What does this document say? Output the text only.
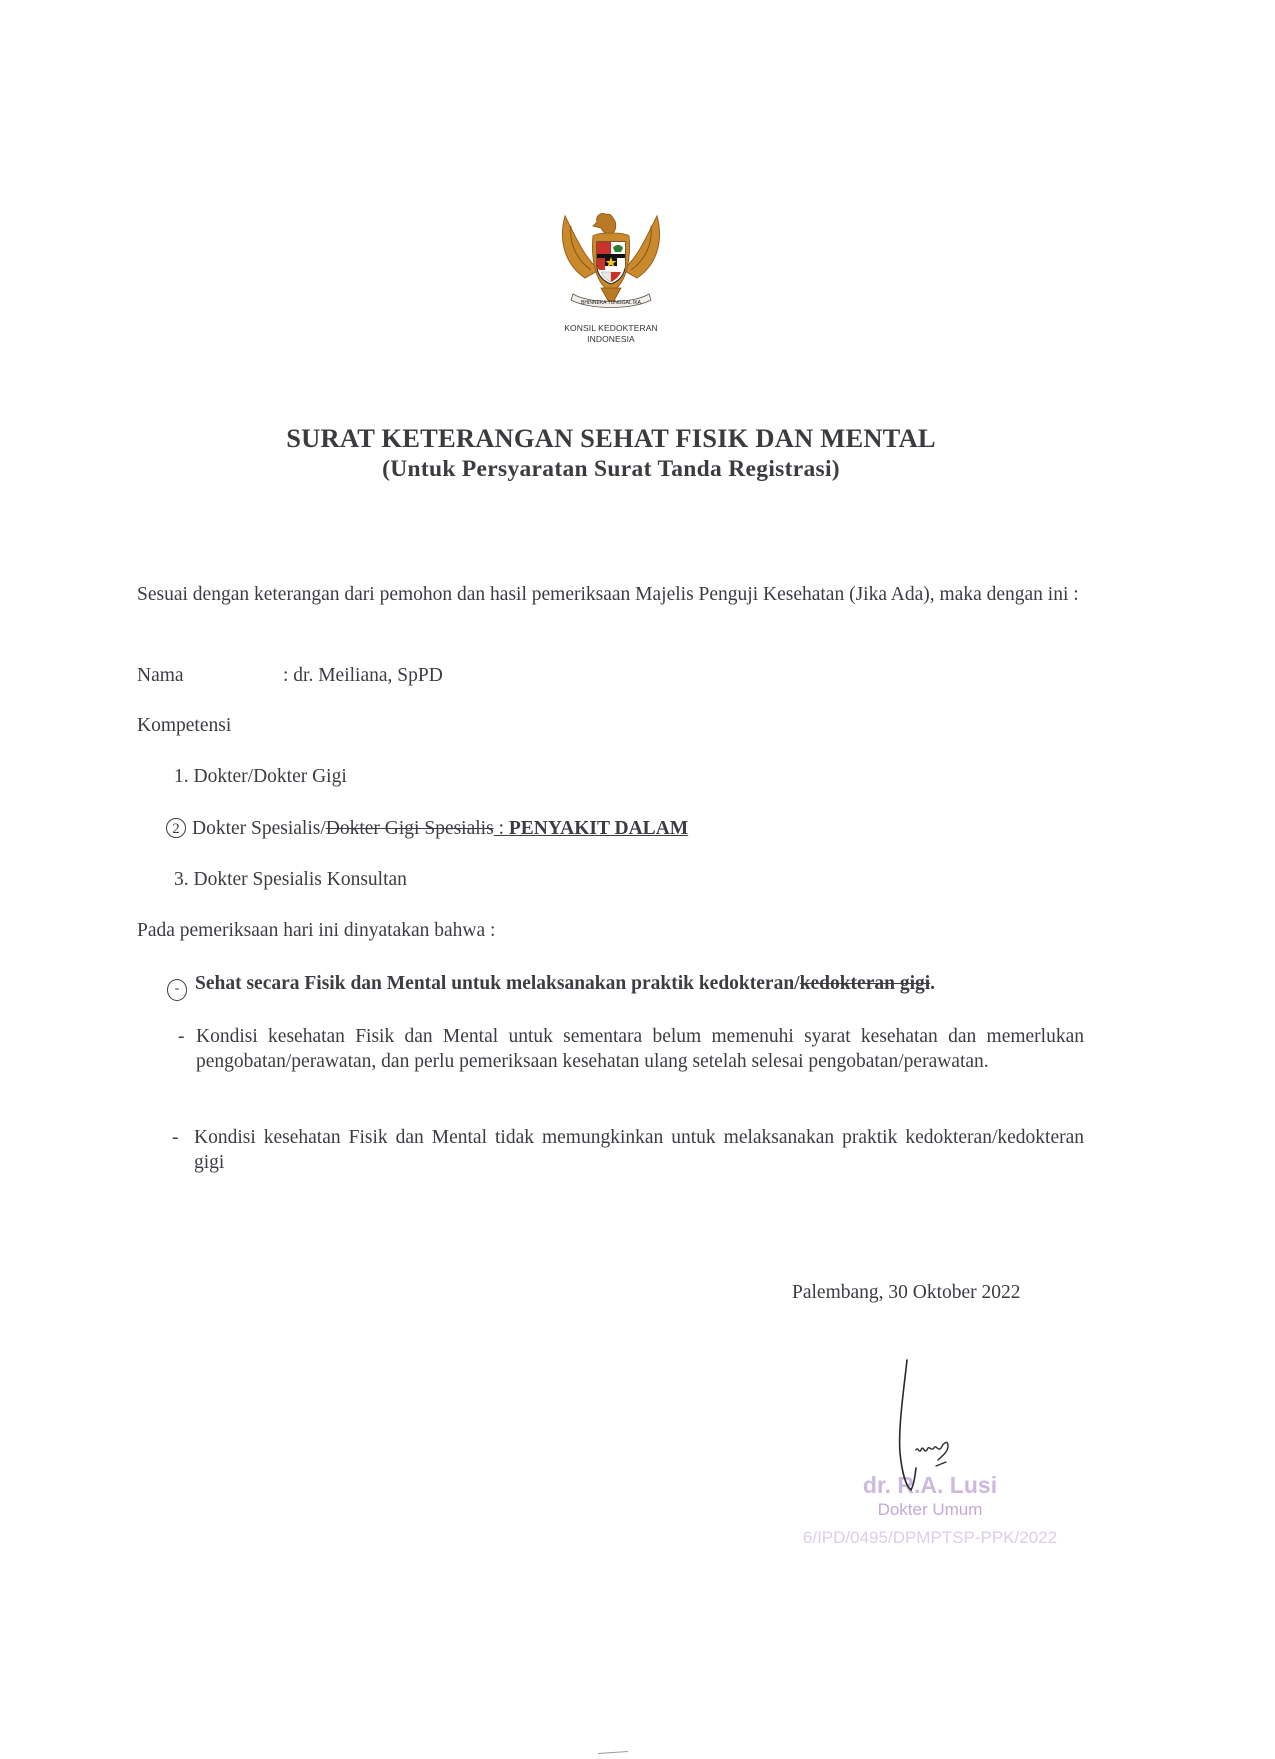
BHINNEKA TUNGGAL IKA
KONSIL KEDOKTERAN
INDONESIA
SURAT KETERANGAN SEHAT FISIK DAN MENTAL
(Untuk Persyaratan Surat Tanda Registrasi)
Sesuai dengan keterangan dari pemohon dan hasil pemeriksaan Majelis Penguji Kesehatan (Jika Ada), maka dengan ini :
Nama	: dr. Meiliana, SpPD
Kompetensi
1. Dokter/Dokter Gigi
2 Dokter Spesialis/Dokter Gigi Spesialis : PENYAKIT DALAM
3. Dokter Spesialis Konsultan
Pada pemeriksaan hari ini dinyatakan bahwa :
- Sehat secara Fisik dan Mental untuk melaksanakan praktik kedokteran/kedokteran gigi.
- Kondisi kesehatan Fisik dan Mental untuk sementara belum memenuhi syarat kesehatan dan memerlukan pengobatan/perawatan, dan perlu pemeriksaan kesehatan ulang setelah selesai pengobatan/perawatan.
- Kondisi kesehatan Fisik dan Mental tidak memungkinkan untuk melaksanakan praktik kedokteran/kedokteran gigi
Palembang, 30 Oktober 2022
dr. R.A. Lusi
Dokter Umum
6/IPD/0495/DPMPTSP-PPK/2022
